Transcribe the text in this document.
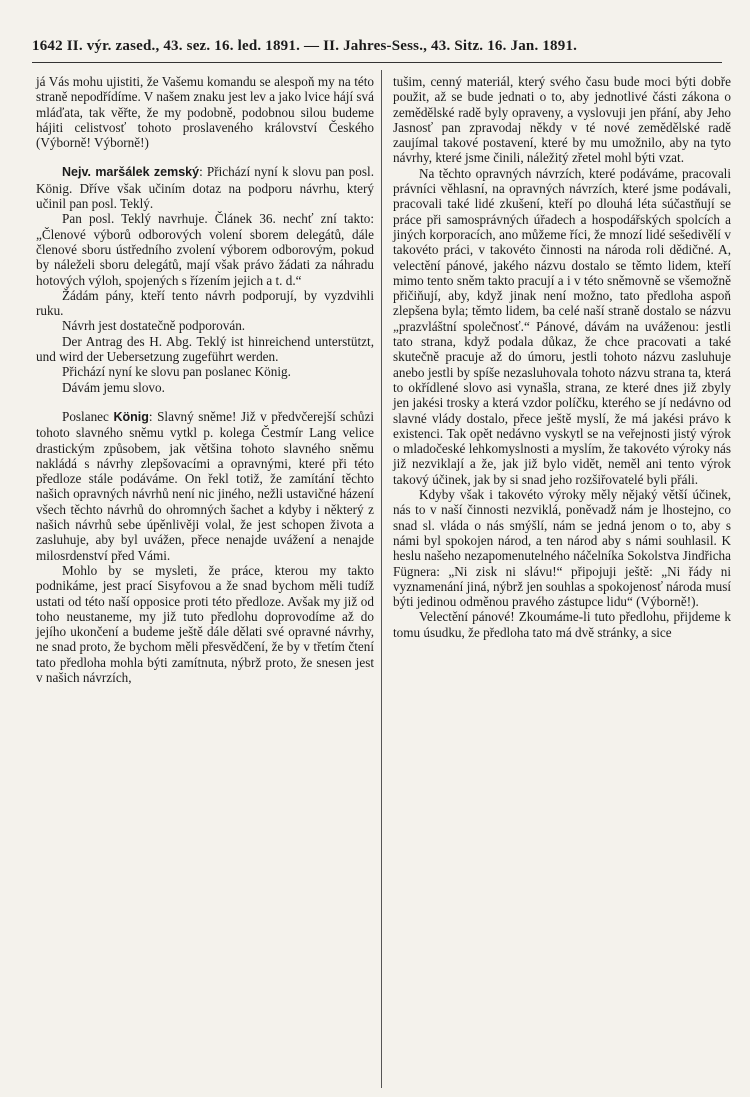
1642 II. výr. zased., 43. sez. 16. led. 1891. — II. Jahres-Sess., 43. Sitz. 16. Jan. 1891.

já Vás mohu ujistiti, že Vašemu komandu se alespoň my na této straně nepodřídíme. V našem znaku jest lev a jako lvice hájí svá mláďata, tak věřte, že my podobně, podobnou silou budeme hájiti celistvosť tohoto proslaveného království Českého (Výborně! Výborně!)

Nejv. maršálek zemský: Přichází nyní k slovu pan posl. König. Dříve však učiním dotaz na podporu návrhu, který učinil pan posl. Teklý.

Pan posl. Teklý navrhuje. Článek 36. nechť zní takto: „Členové výborů odborových volení sborem delegátů, dále členové sboru ústředního zvolení výborem odborovým, pokud by náleželi sboru delegátů, mají však právo žádati za náhradu hotových výloh, spojených s řízením jejich a t. d.“

Žádám pány, kteří tento návrh podporují, by vyzdvihli ruku.

Návrh jest dostatečně podporován.

Der Antrag des H. Abg. Teklý ist hinreichend unterstützt, und wird der Uebersetzung zugeführt werden.

Přichází nyní ke slovu pan poslanec König.

Dávám jemu slovo.

Poslanec König: Slavný sněme! Již v předvčerejší schůzi tohoto slavného sněmu vytkl p. kolega Čestmír Lang velice drastickým způsobem, jak většina tohoto slavného sněmu nakládá s návrhy zlepšovacími a opravnými, které při této předloze stále podáváme. On řekl totiž, že zamítání těchto našich opravných návrhů není nic jiného, nežli ustavičné házení všech těchto návrhů do ohromných šachet a kdyby i některý z našich návrhů sebe úpěnlivěji volal, že jest schopen života a zasluhuje, aby byl uvážen, přece nenajde uvážení a nenajde milosrdenství před Vámi.

Mohlo by se mysleti, že práce, kterou my takto podnikáme, jest prací Sisyfovou a že snad bychom měli tudíž ustati od této naší opposice proti této předloze. Avšak my již od toho neustaneme, my již tuto předlohu doprovodíme až do jejího ukončení a budeme ještě dále dělati své opravné návrhy, ne snad proto, že bychom měli přesvědčení, že by v třetím čtení tato předloha mohla býti zamítnuta, nýbrž proto, že snesen jest v našich návrzích,

tušim, cenný materiál, který svého času bude moci býti dobře použit, až se bude jednati o to, aby jednotlivé části zákona o zemědělské radě byly opraveny, a vyslovuji jen přání, aby Jeho Jasnosť pan zpravodaj někdy v té nové zemědělské radě zaujímal takové postavení, které by mu umožnilo, aby na tyto návrhy, které jsme činili, náležitý zřetel mohl býti vzat.

Na těchto opravných návrzích, které podáváme, pracovali právníci věhlasní, na opravných návrzích, které jsme podávali, pracovali také lidé zkušení, kteří po dlouhá léta súčastňují se práce při samosprávných úřadech a hospodářských spolcích a jiných korporacích, ano můžeme říci, že mnozí lidé sešedivělí v takovéto práci, v takovéto činnosti na národa roli dědičné. A, velectění pánové, jakého názvu dostalo se těmto lidem, kteří mimo tento sněm takto pracují a i v této sněmovně se všemožně přičiňují, aby, když jinak není možno, tato předloha aspoň zlepšena byla; těmto lidem, ba celé naší straně dostalo se názvu „prazvláštní společnosť.“ Pánové, dávám na uváženou: jestli tato strana, když podala důkaz, že chce pracovati a také skutečně pracuje až do úmoru, jestli tohoto názvu zasluhuje anebo jestli by spíše nezasluhovala tohoto názvu strana ta, která to okřídlené slovo asi vynašla, strana, ze které dnes již zbyly jen jakési trosky a která vzdor políčku, kterého se jí nedávno od slavné vlády dostalo, přece ještě myslí, že má jakési právo k existenci. Tak opět nedávno vyskytl se na veřejnosti jistý výrok o mladočeské lehkomyslnosti a myslím, že takovéto výroky nás již nezviklají a že, jak již bylo vidět, neměl ani tento výrok takový účinek, jak by si snad jeho rozšiřovatelé byli přáli.

Kdyby však i takovéto výroky měly nějaký větší účinek, nás to v naší činnosti nezviklá, poněvadž nám je lhostejno, co snad sl. vláda o nás smýšlí, nám se jedná jenom o to, aby s námi byl spokojen národ, a ten národ aby s námi souhlasil. K heslu našeho nezapomenutelného náčelníka Sokolstva Jindřicha Fügnera: „Ni zisk ni slávu!“ připojuji ještě: „Ni řády ni vyznamenání jiná, nýbrž jen souhlas a spokojenosť národa musí býti jedinou odměnou pravého zástupce lidu“ (Výborně!).

Velectění pánové! Zkoumáme-li tuto předlohu, přijdeme k tomu úsudku, že předloha tato má dvě stránky, a sice
